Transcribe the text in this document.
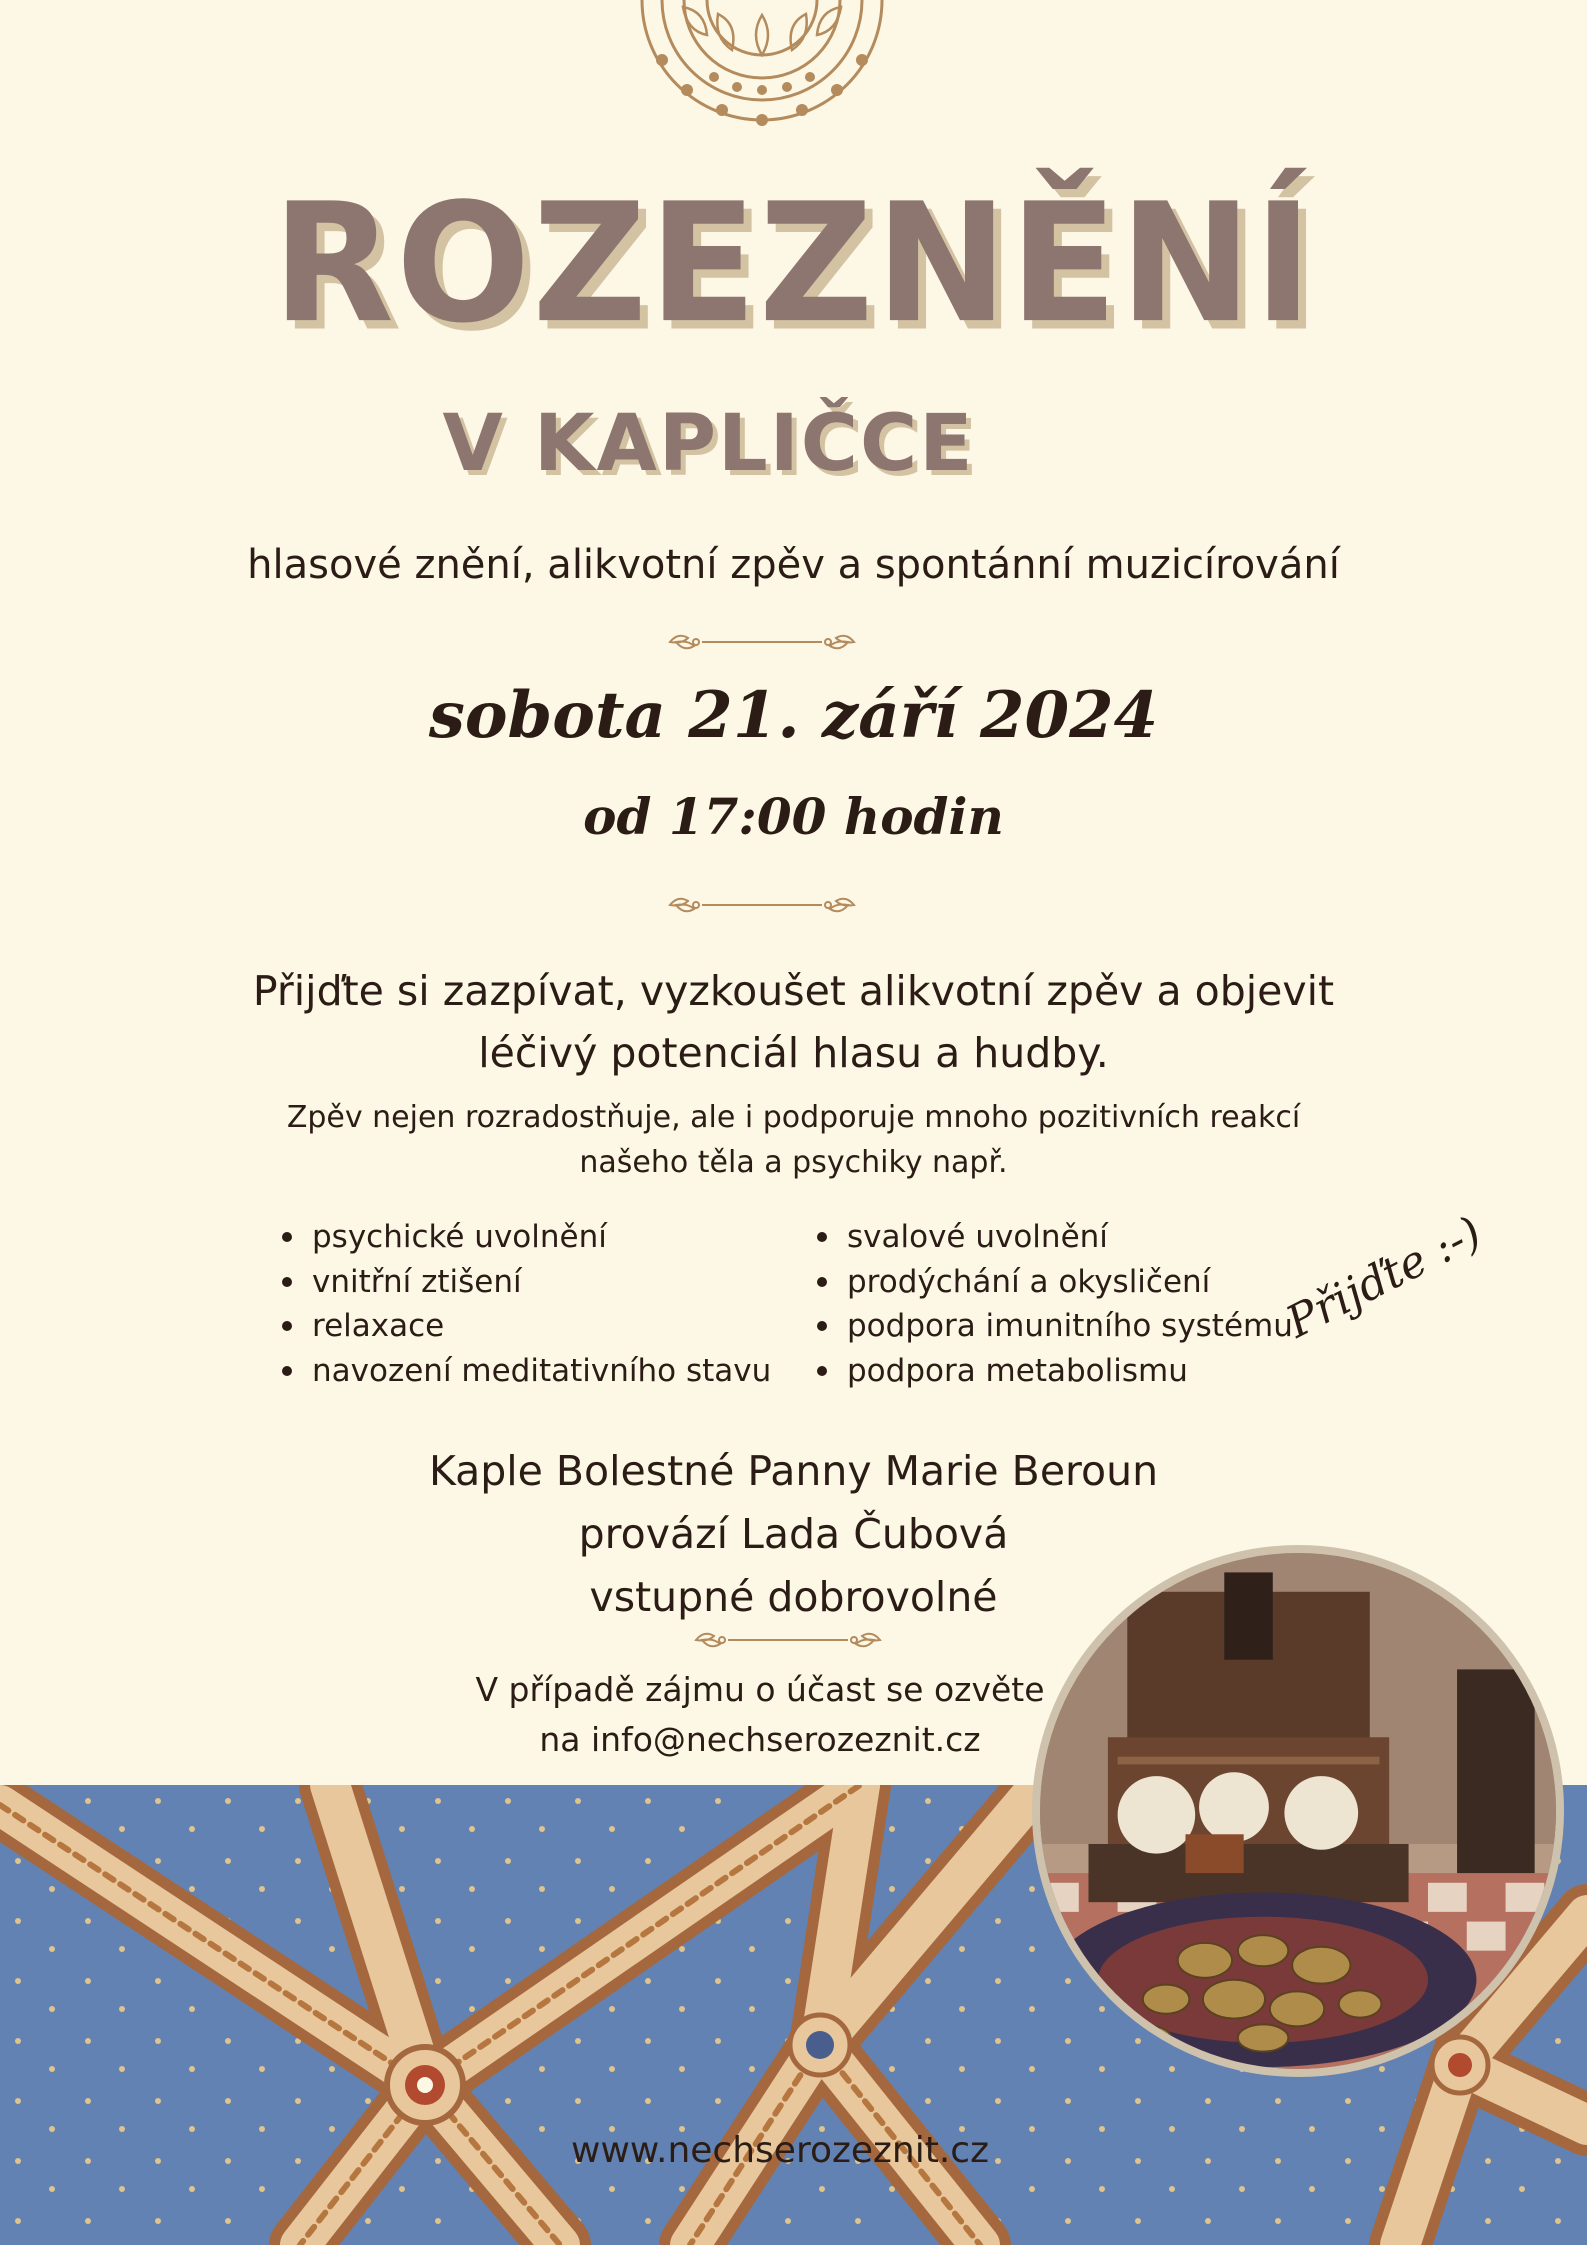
ROZEZNĚNÍ
V KAPLIČCE
hlasové znění, alikvotní zpěv a spontánní muzicírování
sobota 21. září 2024
od 17:00 hodin
Přijďte si zazpívat, vyzkoušet alikvotní zpěv a objevit
léčivý potenciál hlasu a hudby.
Zpěv nejen rozradostňuje, ale i podporuje mnoho pozitivních reakcí
našeho těla a psychiky např.
psychické uvolnění
vnitřní ztišení
relaxace
navození meditativního stavu
svalové uvolnění
prodýchání a okysličení
podpora imunitního systému
podpora metabolismu
Přijďte :-)
Kaple Bolestné Panny Marie Beroun
provází Lada Čubová
vstupné dobrovolné
V případě zájmu o účast se ozvěte
na info@nechserozeznit.cz
www.nechserozeznit.cz
